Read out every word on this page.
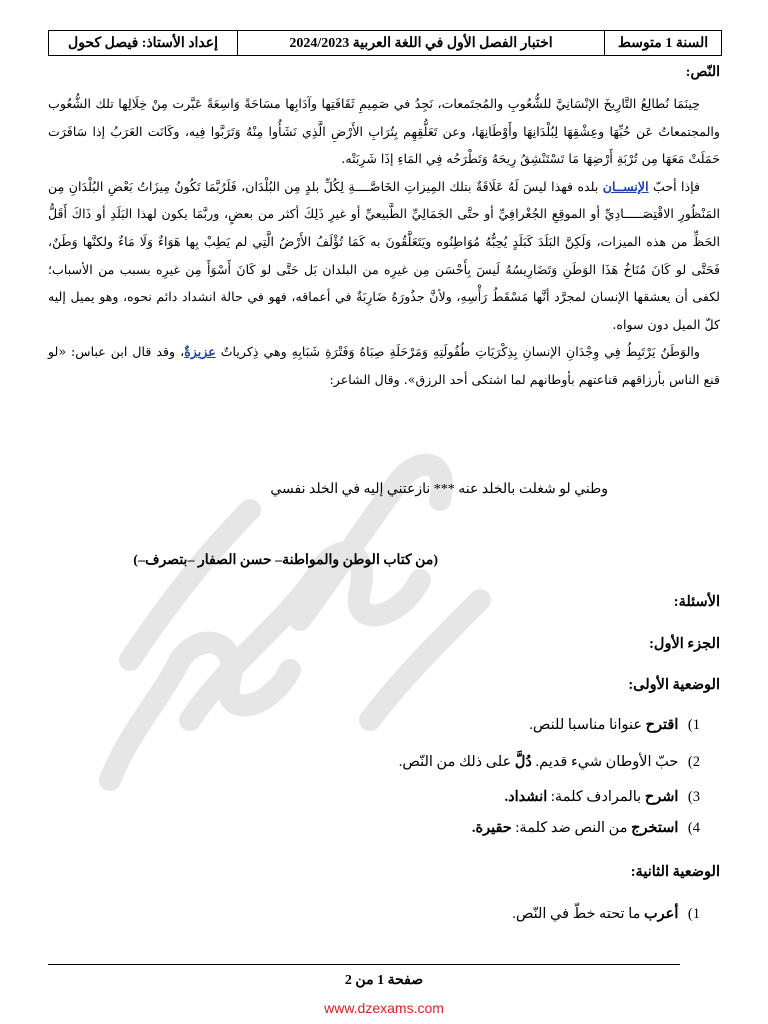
السنة 1 متوسط
اختبار الفصل الأول في اللغة العربية 2024/2023
إعداد الأستاذ: فيصل كحول
النّص:

حِينَمَا نُطالِعُ التَّارِيخَ الإنْسَانِيَّ للشُّعُوبِ والمُجتَمعات، نَجِدُ في صَمِيمِ ثَقَافَتِها وآدَابِها مسَاحَةً وَاسِعَةً عَبَّرت مِنْ خِلَالِها تلك الشُّعُوب والمجتمعاتُ عَن حُبِّهَا وعِشْقِهَا لِبُلْدَانِهَا وأَوْطَانِهَا، وعن تَعَلُّقِهِم بِتُرَابِ الأَرْضِ الَّذِي نَشَأُوا مِنْهُ وَتَرَبَّوا فِيه، وكَانَت العَرَبُ إذا سَافَرَت حَمَلَتْ مَعَهَا مِن تُرْبَةِ أَرْضِهَا مَا تَسْتَنْشِقُ رِيحَهُ وَتَطْرَحُه فِي المَاءِ إذَا شَرِبَتْه.

فإذا أحبّ الإنســان بلده فهذا ليسَ لَهُ عَلَاقَةٌ بتلك المِيزاتِ الخَاصَّــــةِ لِكُلِّ بلدٍ مِن البُلْدَان، فَلَرُبَّمَا تَكُونُ مِيزَاتُ بَعْضِ البُلْدَانِ مِن المَنْظُورِ الاقْتِصَـــــادِيِّ أو الموقِعِ الجُغْرافِيِّ أو حتَّى الجَمَالِيِّ الطَّبيعيِّ أو غيرِ ذَلِكَ أكثر من بعضٍ، وربَّمَا يكون لهذا البَلَدِ أو ذَاكَ أَقَلُّ الحَظِّ من هذه الميزات، وَلَكِنَّ البَلَدَ كَبَلَدٍ يُحِبُّهُ مُوَاطِنُوه ويَتَعَلَّقُونَ به كَمَا تُؤْلَفُ الأَرْضُ الَّتِي لم يَطِبْ بِها هَوَاءٌ وَلَا مَاءٌ ولكنَّها وَطَنٌ، فَحَتَّى لو كَانَ مُنَاخُ هَذَا الوَطَنِ وَتَضَارِيسُهُ لَيسَ بِأَحْسَن مِن غيرِه من البلدان بَل حَتَّى لو كَانَ أَسْوَأَ مِن غيرِه بسبب من الأسباب؛ لكفى أن يعشقها الإنسان لمجرَّد أنَّها مَسْقَطُ رَأْسِهِ، ولأنَّ جذُورَهُ ضَارِبَةٌ في أعماقه، فهو في حالة انشداد دائم نحوه، وهو يميل إليه كلّ الميل دون سواه.

والوَطَنُ يَرْتَبِطُ فِي وِجْدَانِ الإنسانِ بِذِكْرَيَاتِ طُفُولَتِهِ وَمَرْحَلَةِ صِبَاهُ وَفَتْرَةِ شَبَابِهِ وهي ذِكرياتٌ عزيزةٌ، وقد قال ابن عباس: «لو قنع الناس بأرزاقهم قناعتهم بأوطانهم لما اشتكى أحد الرزق». وقال الشاعر:

وطني لو شغلت بالخلد عنه *** نازعتني إليه في الخلد نفسي
(من كتاب الوطن والمواطنة– حسن الصفار –بتصرف–)
الأسئلة:
الجزء الأول:
الوضعية الأولى:
1) اقترح عنوانا مناسبا للنص.
2) حبّ الأوطان شيء قديم. دُلَّ على ذلك من النّص.
3) اشرح بالمرادف كلمة: انشداد.
4) استخرج من النص ضد كلمة: حقيرة.
الوضعية الثانية:
1) أعرب ما تحته خطّ في النّص.
صفحة 1 من 2
www.dzexams.com
